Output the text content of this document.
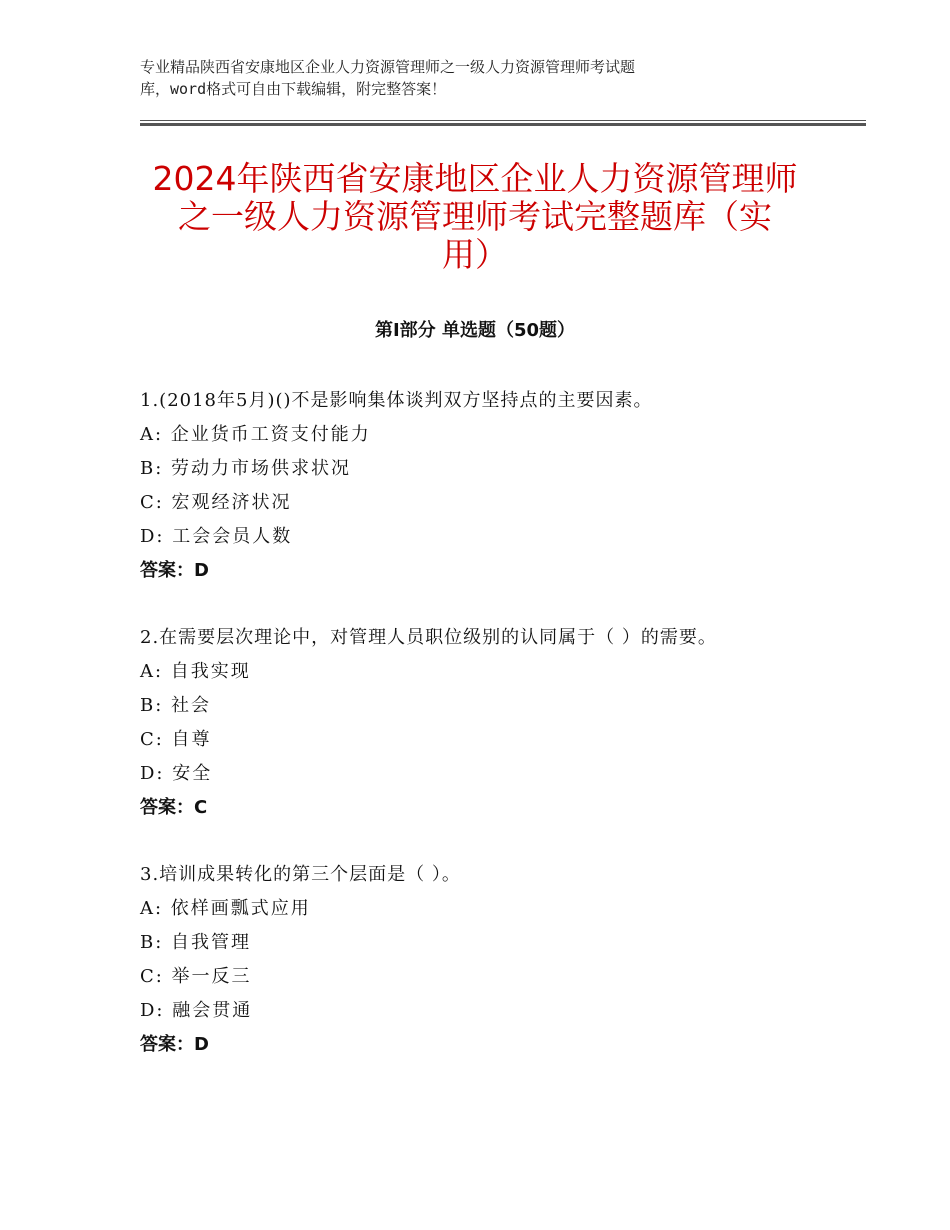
专业精品陕西省安康地区企业人力资源管理师之一级人力资源管理师考试题
库，word格式可自由下载编辑，附完整答案！
2024年陕西省安康地区企业人力资源管理师
之一级人力资源管理师考试完整题库（实
用）
第Ⅰ部分 单选题（50题）
1.(2018年5月)()不是影响集体谈判双方坚持点的主要因素。
A: 企业货币工资支付能力
B: 劳动力市场供求状况
C: 宏观经济状况
D: 工会会员人数
答案：D
2.在需要层次理论中，对管理人员职位级别的认同属于（ ）的需要。
A: 自我实现
B: 社会
C: 自尊
D: 安全
答案：C
3.培训成果转化的第三个层面是（ ）。
A: 依样画瓢式应用
B: 自我管理
C: 举一反三
D: 融会贯通
答案：D
